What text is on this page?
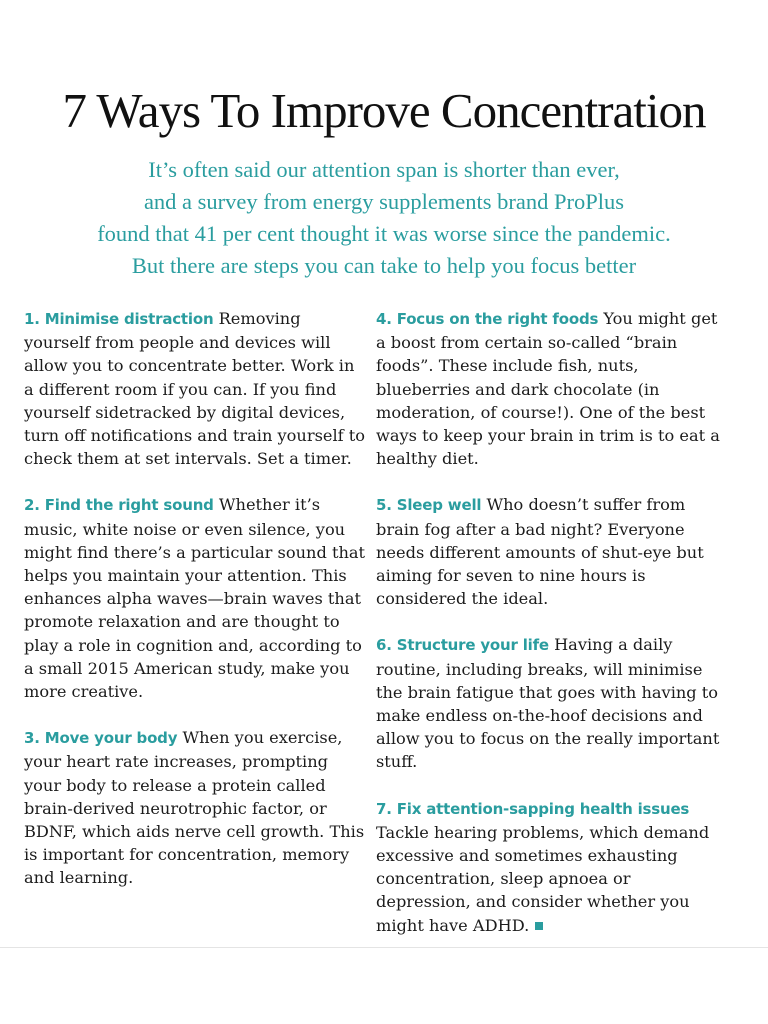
7 Ways To Improve Concentration
It’s often said our attention span is shorter than ever,
and a survey from energy supplements brand ProPlus
found that 41 per cent thought it was worse since the pandemic.
But there are steps you can take to help you focus better

1. Minimise distraction Removing yourself from people and devices will allow you to concentrate better. Work in a different room if you can. If you find yourself sidetracked by digital devices, turn off notifications and train yourself to check them at set intervals. Set a timer.

2. Find the right sound Whether it’s music, white noise or even silence, you might find there’s a particular sound that helps you maintain your attention. This enhances alpha waves—brain waves that promote relaxation and are thought to play a role in cognition and, according to a small 2015 American study, make you more creative.

3. Move your body When you exercise, your heart rate increases, prompting your body to release a protein called brain-derived neurotrophic factor, or BDNF, which aids nerve cell growth. This is important for concentration, memory and learning.

4. Focus on the right foods You might get a boost from certain so-called “brain foods”. These include fish, nuts, blueberries and dark chocolate (in moderation, of course!). One of the best ways to keep your brain in trim is to eat a healthy diet.

5. Sleep well Who doesn’t suffer from brain fog after a bad night? Everyone needs different amounts of shut-eye but aiming for seven to nine hours is considered the ideal.

6. Structure your life Having a daily routine, including breaks, will minimise the brain fatigue that goes with having to make endless on-the-hoof decisions and allow you to focus on the really important stuff.

7. Fix attention-sapping health issues
Tackle hearing problems, which demand excessive and sometimes exhausting concentration, sleep apnoea or depression, and consider whether you might have ADHD.
